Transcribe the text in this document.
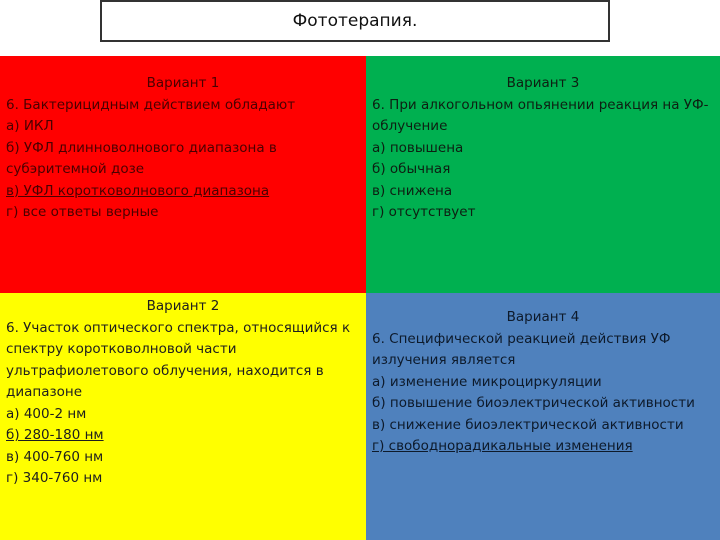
Фототерапия.
Вариант 1
6. Бактерицидным действием обладают
а) ИКЛ
б) УФЛ длинноволнового диапазона в субэритемной дозе
в) УФЛ коротковолнового диапазона
г) все ответы верные
Вариант 3
6. При алкогольном опьянении реакция на УФ-облучение
а) повышена
б) обычная
в) снижена
г) отсутствует
Вариант 2
6. Участок оптического спектра, относящийся к спектру коротковолновой части ультрафиолетового облучения, находится в диапазоне
а) 400-2 нм
б) 280-180 нм
в) 400-760 нм
г) 340-760 нм
Вариант 4
6. Специфической реакцией действия УФ излучения является
а) изменение микроциркуляции
б) повышение биоэлектрической активности
в) снижение биоэлектрической активности
г) свободнорадикальные изменения
